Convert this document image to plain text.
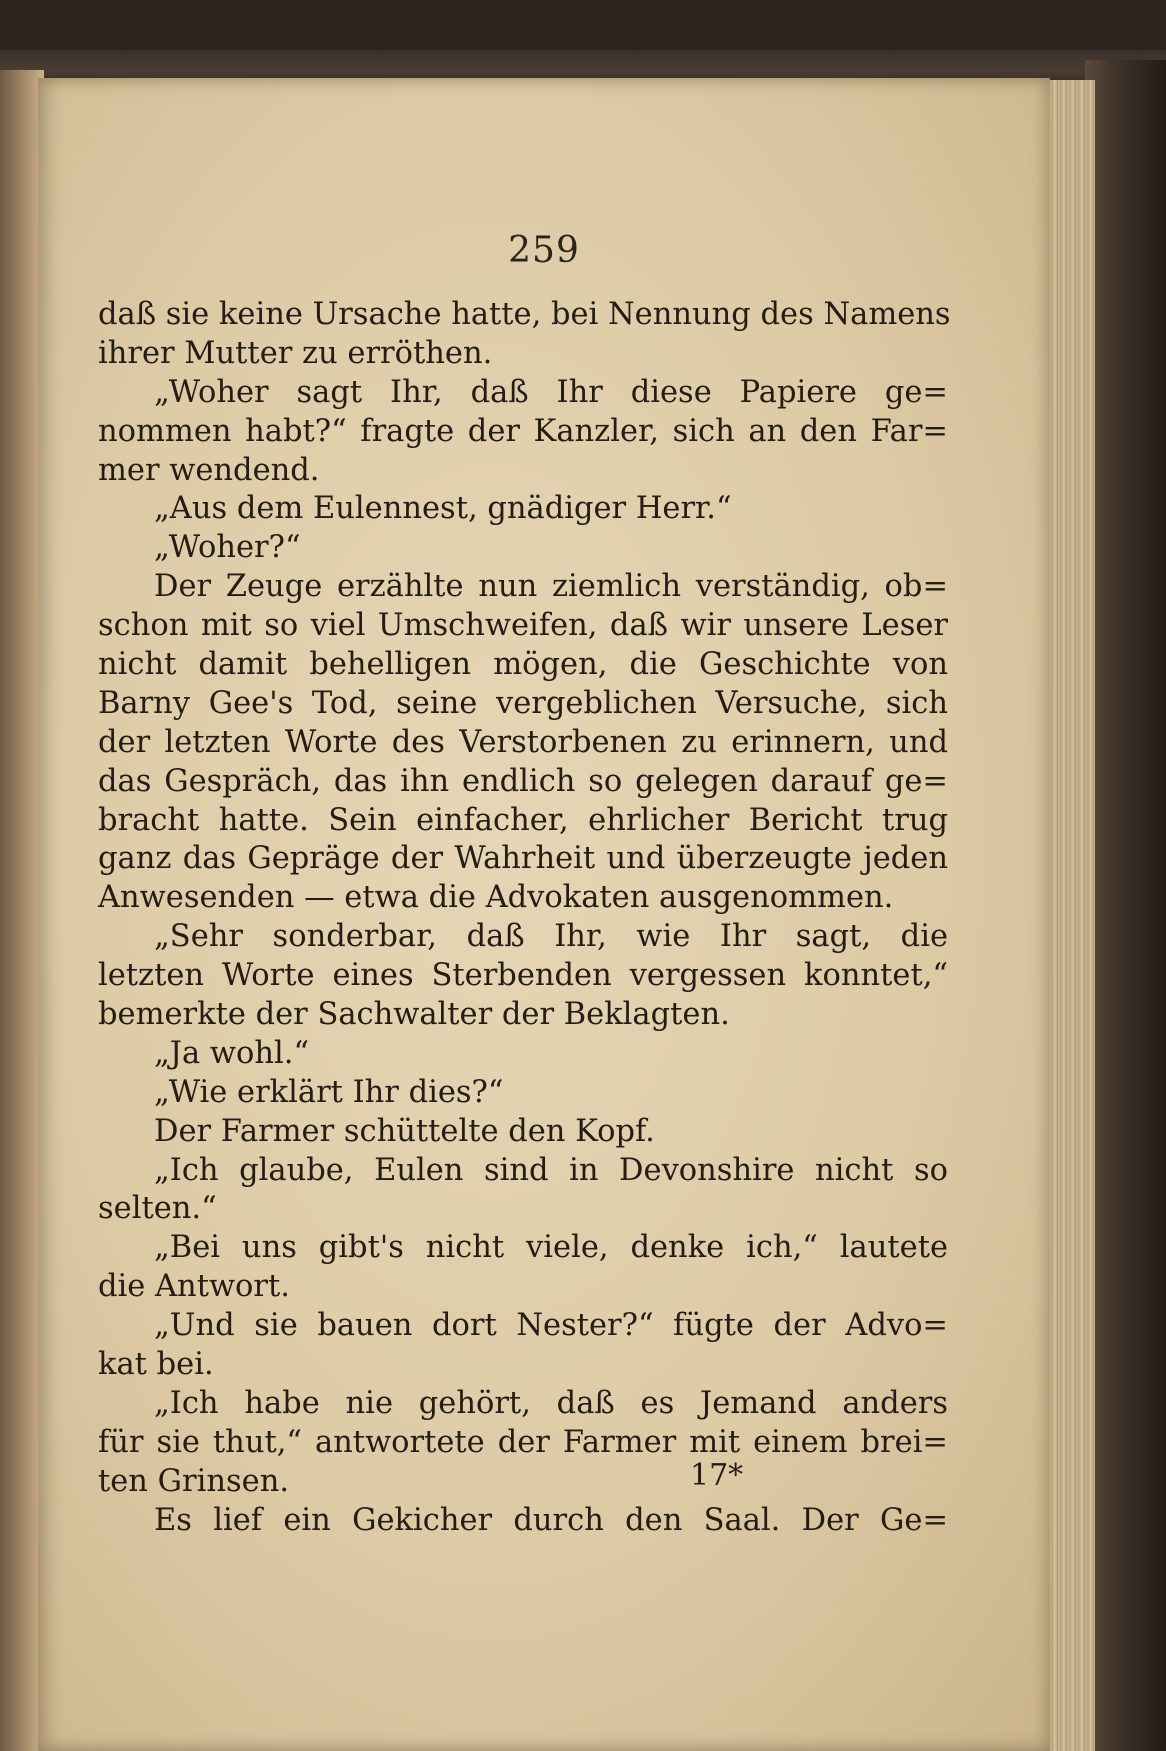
259
daß sie keine Ursache hatte, bei Nennung des Namens
ihrer Mutter zu erröthen.
„Woher sagt Ihr, daß Ihr diese Papiere ge=
nommen habt?“ fragte der Kanzler, sich an den Far=
mer wendend.
„Aus dem Eulennest, gnädiger Herr.“
„Woher?“
Der Zeuge erzählte nun ziemlich verständig, ob=
schon mit so viel Umschweifen, daß wir unsere Leser
nicht damit behelligen mögen, die Geschichte von
Barny Gee's Tod, seine vergeblichen Versuche, sich
der letzten Worte des Verstorbenen zu erinnern, und
das Gespräch, das ihn endlich so gelegen darauf ge=
bracht hatte. Sein einfacher, ehrlicher Bericht trug
ganz das Gepräge der Wahrheit und überzeugte jeden
Anwesenden — etwa die Advokaten ausgenommen.
„Sehr sonderbar, daß Ihr, wie Ihr sagt, die
letzten Worte eines Sterbenden vergessen konntet,“
bemerkte der Sachwalter der Beklagten.
„Ja wohl.“
„Wie erklärt Ihr dies?“
Der Farmer schüttelte den Kopf.
„Ich glaube, Eulen sind in Devonshire nicht so
selten.“
„Bei uns gibt's nicht viele, denke ich,“ lautete
die Antwort.
„Und sie bauen dort Nester?“ fügte der Advo=
kat bei.
„Ich habe nie gehört, daß es Jemand anders
für sie thut,“ antwortete der Farmer mit einem brei=
ten Grinsen.
Es lief ein Gekicher durch den Saal. Der Ge=
17*
